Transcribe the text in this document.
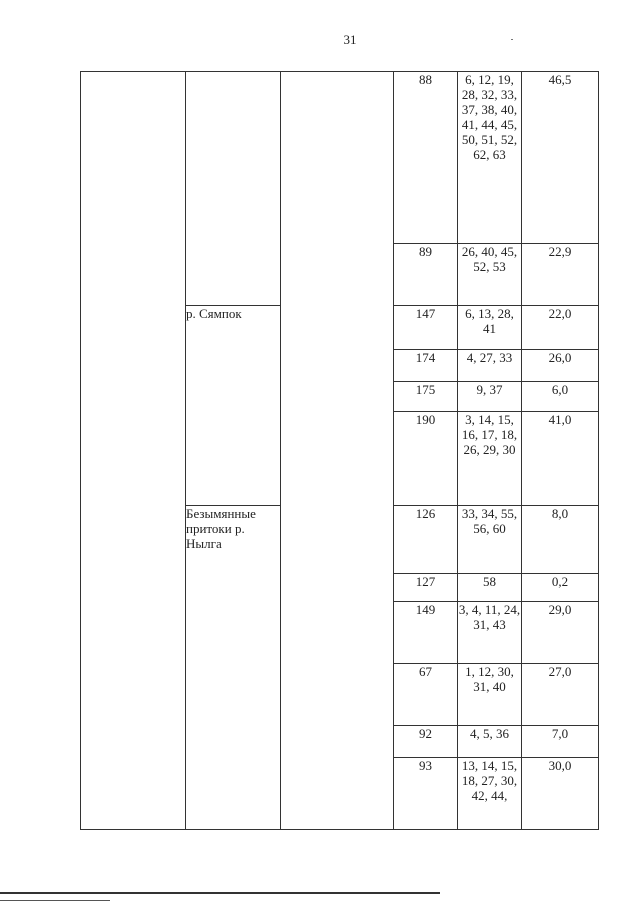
31
			88	6, 12, 19, 28, 32, 33, 37, 38, 40, 41, 44, 45, 50, 51, 52, 62, 63	46,5
			89	26, 40, 45, 52, 53	22,9
	р. Сямпок		147	6, 13, 28, 41	22,0
			174	4, 27, 33	26,0
			175	9, 37	6,0
			190	3, 14, 15, 16, 17, 18, 26, 29, 30	41,0
	Безымянные притоки р. Нылга		126	33, 34, 55, 56, 60	8,0
			127	58	0,2
			149	3, 4, 11, 24, 31, 43	29,0
			67	1, 12, 30, 31, 40	27,0
			92	4, 5, 36	7,0
			93	13, 14, 15, 18, 27, 30, 42, 44,	30,0
